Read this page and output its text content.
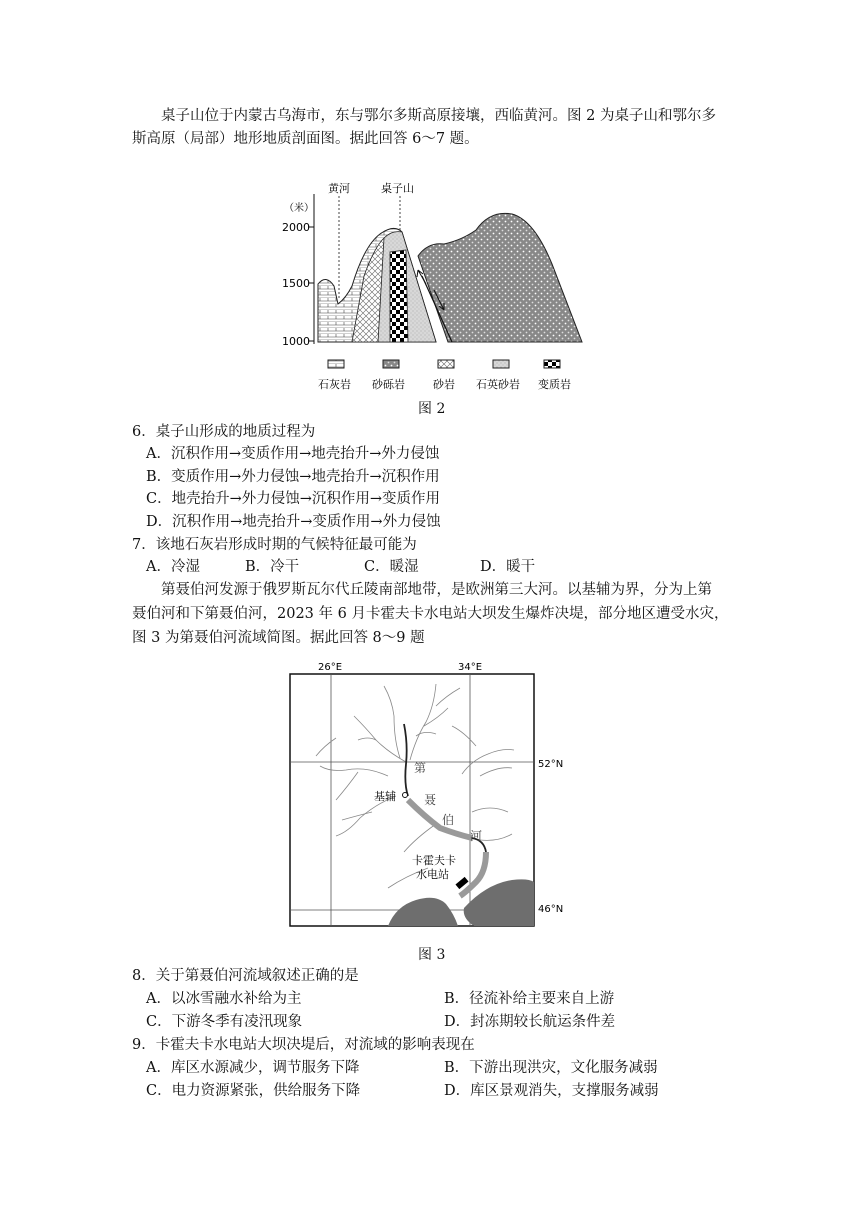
桌子山位于内蒙古乌海市，东与鄂尔多斯高原接壤，西临黄河。图 2 为桌子山和鄂尔多
斯高原（局部）地形地质剖面图。据此回答 6～7 题。
（米）
2000
1500
1000
黄河	桌子山
石灰岩 砂砾岩	砂岩 石英砂岩 变质岩
图 2
6．桌子山形成的地质过程为
A．沉积作用→变质作用→地壳抬升→外力侵蚀
B．变质作用→外力侵蚀→地壳抬升→沉积作用
C．地壳抬升→外力侵蚀→沉积作用→变质作用
D．沉积作用→地壳抬升→变质作用→外力侵蚀
7．该地石灰岩形成时期的气候特征最可能为
A．冷湿	B．冷干	C．暖湿	D．暖干
第聂伯河发源于俄罗斯瓦尔代丘陵南部地带，是欧洲第三大河。以基辅为界，分为上第
聂伯河和下第聂伯河，2023 年 6 月卡霍夫卡水电站大坝发生爆炸决堤，部分地区遭受水灾，
图 3 为第聂伯河流域简图。据此回答 8～9 题
26°E	34°E
52°N
46°N
基辅
第
聂
伯
河
卡霍夫卡
水电站
图 3
8．关于第聂伯河流域叙述正确的是
A．以冰雪融水补给为主	B．径流补给主要来自上游
C．下游冬季有凌汛现象	D．封冻期较长航运条件差
9．卡霍夫卡水电站大坝决堤后，对流域的影响表现在
A．库区水源减少，调节服务下降	B．下游出现洪灾，文化服务减弱
C．电力资源紧张，供给服务下降	D．库区景观消失，支撑服务减弱
